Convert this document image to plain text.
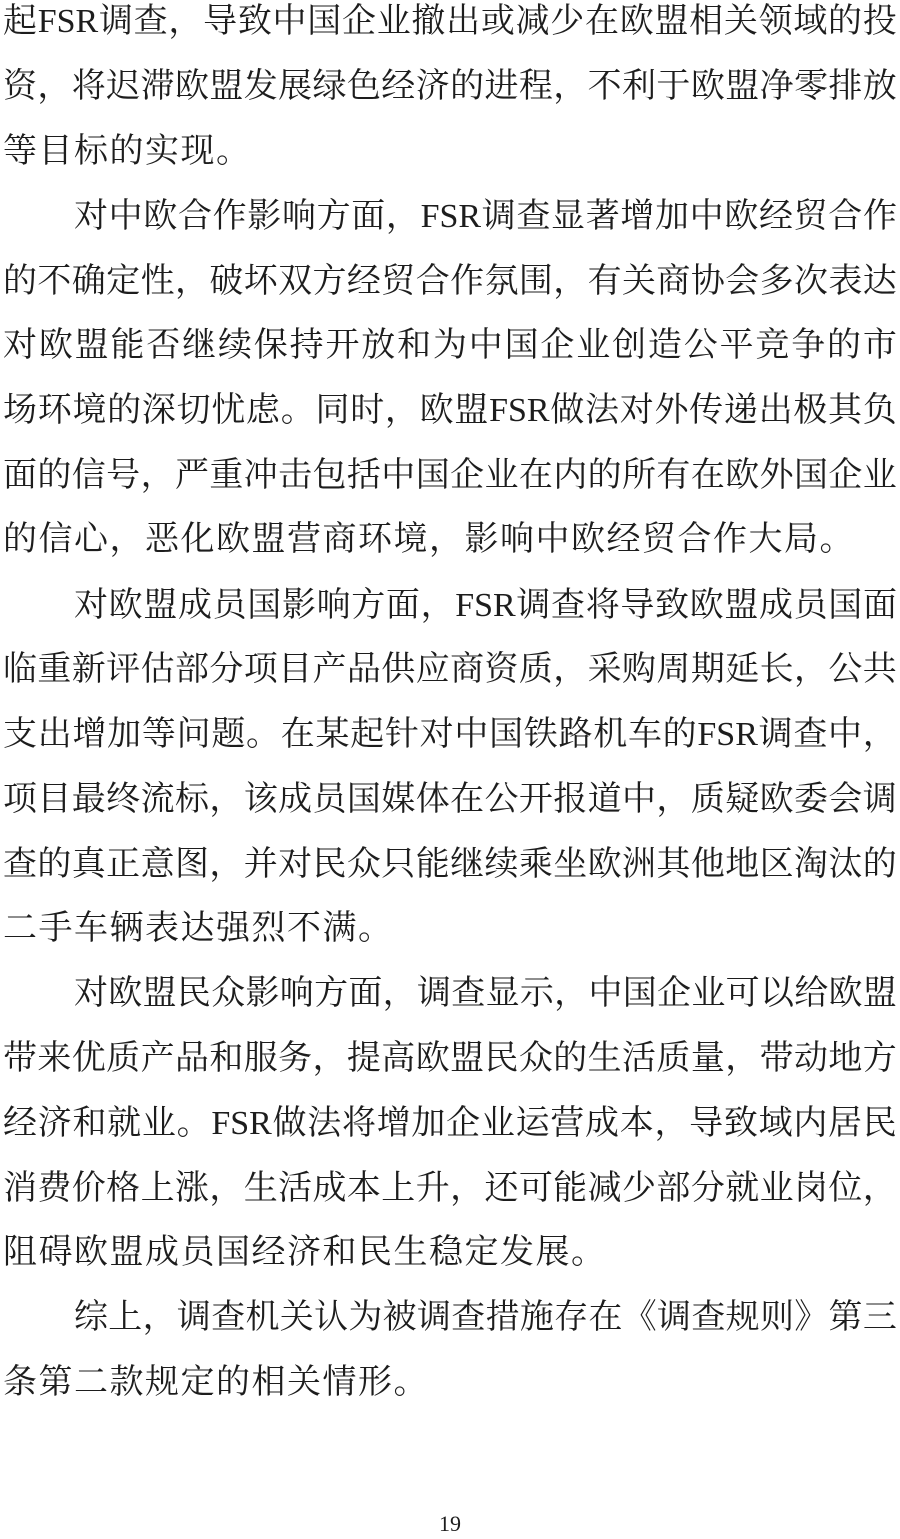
起 FSR 调 查 ， 导 致 中 国 企 业 撤 出 或 减 少 在 欧 盟 相 关 领 域 的 投
资 ， 将 迟 滞 欧 盟 发 展 绿 色 经 济 的 进 程 ， 不 利 于 欧 盟 净 零 排 放
等目标的实现。
对 中 欧 合 作 影 响 方 面 ， FSR 调 查 显 著 增 加 中 欧 经 贸 合 作
的 不 确 定 性 ， 破 坏 双 方 经 贸 合 作 氛 围 ， 有 关 商 协 会 多 次 表 达
对 欧 盟 能 否 继 续 保 持 开 放 和 为 中 国 企 业 创 造 公 平 竞 争 的 市
场 环 境 的 深 切 忧 虑 。 同 时 ， 欧 盟 FSR 做 法 对 外 传 递 出 极 其 负
面 的 信 号 ， 严 重 冲 击 包 括 中 国 企 业 在 内 的 所 有 在 欧 外 国 企 业
的信心，恶化欧盟营商环境，影响中欧经贸合作大局。
对 欧 盟 成 员 国 影 响 方 面 ， FSR 调 查 将 导 致 欧 盟 成 员 国 面
临 重 新 评 估 部 分 项 目 产 品 供 应 商 资 质 ， 采 购 周 期 延 长 ， 公 共
支 出 增 加 等 问 题 。 在 某 起 针 对 中 国 铁 路 机 车 的 FSR 调 查 中 ，
项 目 最 终 流 标 ， 该 成 员 国 媒 体 在 公 开 报 道 中 ， 质 疑 欧 委 会 调
查 的 真 正 意 图 ， 并 对 民 众 只 能 继 续 乘 坐 欧 洲 其 他 地 区 淘 汰 的
二手车辆表达强烈不满。
对 欧 盟 民 众 影 响 方 面 ， 调 查 显 示 ， 中 国 企 业 可 以 给 欧 盟
带 来 优 质 产 品 和 服 务 ， 提 高 欧 盟 民 众 的 生 活 质 量 ， 带 动 地 方
经 济 和 就 业 。 FSR 做 法 将 增 加 企 业 运 营 成 本 ， 导 致 域 内 居 民
消 费 价 格 上 涨 ， 生 活 成 本 上 升 ， 还 可 能 减 少 部 分 就 业 岗 位 ，
阻碍欧盟成员国经济和民生稳定发展。
综 上 ， 调 查 机 关 认 为 被 调 查 措 施 存 在 《 调 查 规 则 》 第 三
条第二款规定的相关情形。
19
